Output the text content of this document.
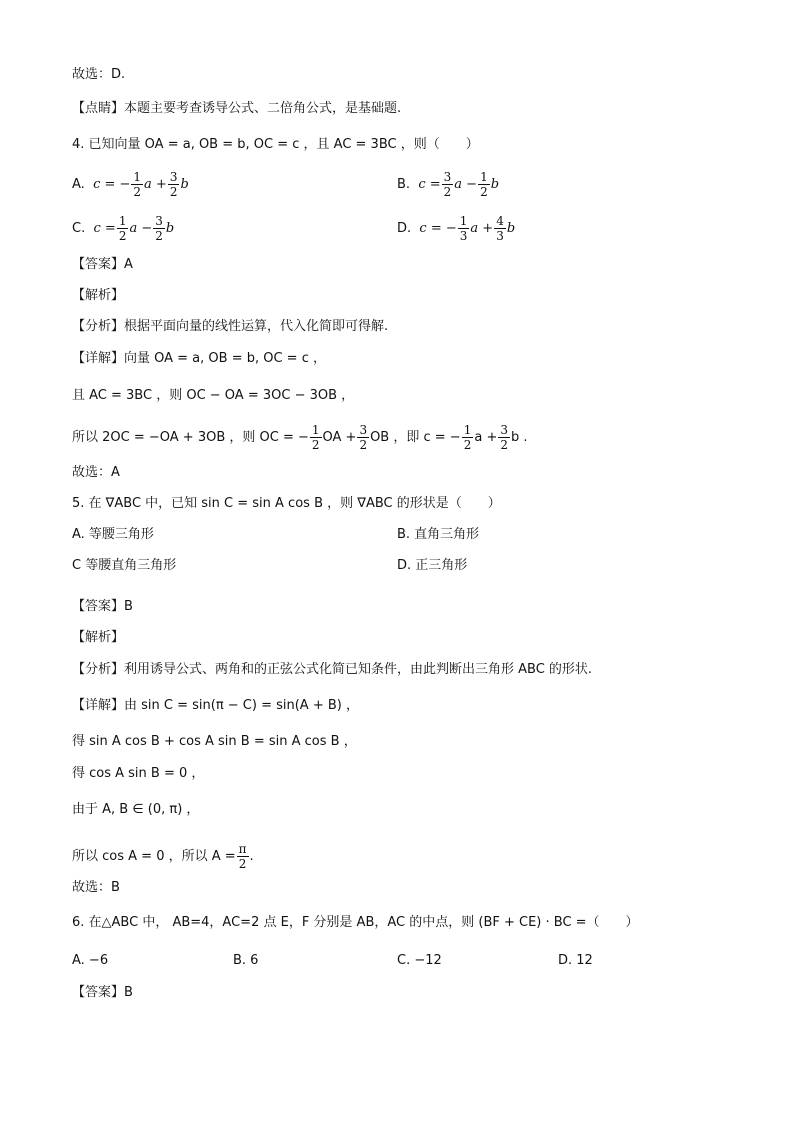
故选：D.
【点睛】本题主要考查诱导公式、二倍角公式，是基础题.
4. 已知向量 OA = a, OB = b, OC = c ，且 AC = 3BC ，则（　　）
A.  c = − $\frac{1}{2}$ $a + \frac{3}{2}$ b	B.  $c = \frac{3}{2}$ $a - \frac{1}{2}$ b
C.  $c = \frac{1}{2}$ $a - \frac{3}{2}$ b	D.  c = − $\frac{1}{3}$ $a + \frac{4}{3}$ b
【答案】A
【解析】
【分析】根据平面向量的线性运算，代入化简即可得解.
【详解】向量 OA = a, OB = b, OC = c ，
且 AC = 3BC ，则 OC − OA = 3OC − 3OB ，
所以 2OC = −OA + 3OB ，则 OC = − $\frac{1}{2}$ OA + $\frac{3}{2}$ OB ，即 c = − $\frac{1}{2}$ $a + \frac{3}{2}$ b .
故选：A
5. 在 ∇ABC 中，已知 sin C = sin A cos B ，则 ∇ABC 的形状是（　　）
A. 等腰三角形	B. 直角三角形
C 等腰直角三角形	D. 正三角形
【答案】B
【解析】
【分析】利用诱导公式、两角和的正弦公式化简已知条件，由此判断出三角形 ABC 的形状.
【详解】由 sin C = sin(π − C) = sin(A + B) ，
得 sin A cos B + cos A sin B = sin A cos B ，
得 cos A sin B = 0 ，
由于 A, B ∈ (0, π) ，
所以 cos A = 0 ，所以 $A = \frac{\pi}{2}$ .
故选：B
6. 在△ABC 中， AB=4，AC=2 点 E，F 分别是 AB，AC 的中点，则 (BF + CE) · BC =（　　）
A. −6	B. 6	C. −12	D. 12
【答案】B
